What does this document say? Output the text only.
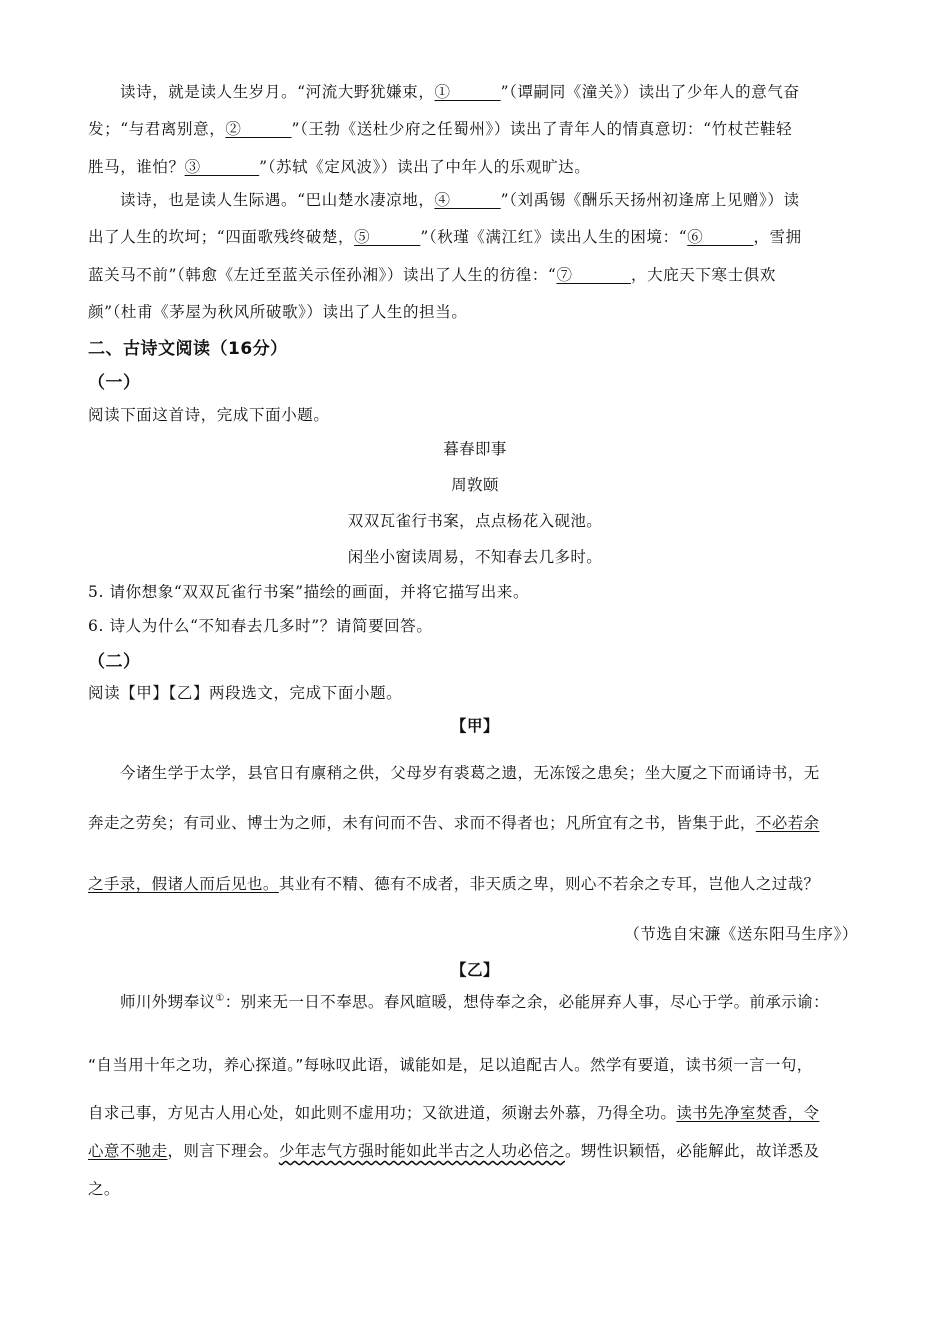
读诗，就是读人生岁月。“河流大野犹嫌束，①______”（谭嗣同《潼关》）读出了少年人的意气奋
发；“与君离别意，②______”（王勃《送杜少府之任蜀州》）读出了青年人的情真意切：“竹杖芒鞋轻
胜马，谁怕？③_______”（苏轼《定风波》）读出了中年人的乐观旷达。
读诗，也是读人生际遇。“巴山楚水凄凉地，④______”（刘禹锡《酬乐天扬州初逢席上见赠》）读
出了人生的坎坷；“四面歌残终破楚，⑤______”（秋瑾《满江红》读出人生的困境：“⑥______，雪拥
蓝关马不前”（韩愈《左迁至蓝关示侄孙湘》）读出了人生的彷徨：“⑦_______，大庇天下寒士俱欢
颜”（杜甫《茅屋为秋风所破歌》）读出了人生的担当。
二、古诗文阅读（16分）
（一）
阅读下面这首诗，完成下面小题。
暮春即事
周敦颐
双双瓦雀行书案，点点杨花入砚池。
闲坐小窗读周易，不知春去几多时。
5. 请你想象“双双瓦雀行书案”描绘的画面，并将它描写出来。
6. 诗人为什么“不知春去几多时”？请简要回答。
（二）
阅读【甲】【乙】两段选文，完成下面小题。
【甲】
今诸生学于太学，县官日有廪稍之供，父母岁有裘葛之遗，无冻馁之患矣；坐大厦之下而诵诗书，无
奔走之劳矣；有司业、博士为之师，未有问而不告、求而不得者也；凡所宜有之书，皆集于此，不必若余
之手录，假诸人而后见也。其业有不精、德有不成者，非天质之卑，则心不若余之专耳，岂他人之过哉？
（节选自宋濂《送东阳马生序》）
【乙】
师川外甥奉议①：别来无一日不奉思。春风暄暖，想侍奉之余，必能屏弃人事，尽心于学。前承示谕：
“自当用十年之功，养心探道。”每咏叹此语，诚能如是，足以追配古人。然学有要道，读书须一言一句，
自求己事，方见古人用心处，如此则不虚用功；又欲进道，须谢去外慕，乃得全功。读书先净室焚香，令
心意不驰走，则言下理会。少年志气方强时能如此半古之人功必倍之。甥性识颖悟，必能解此，故详悉及
之。
